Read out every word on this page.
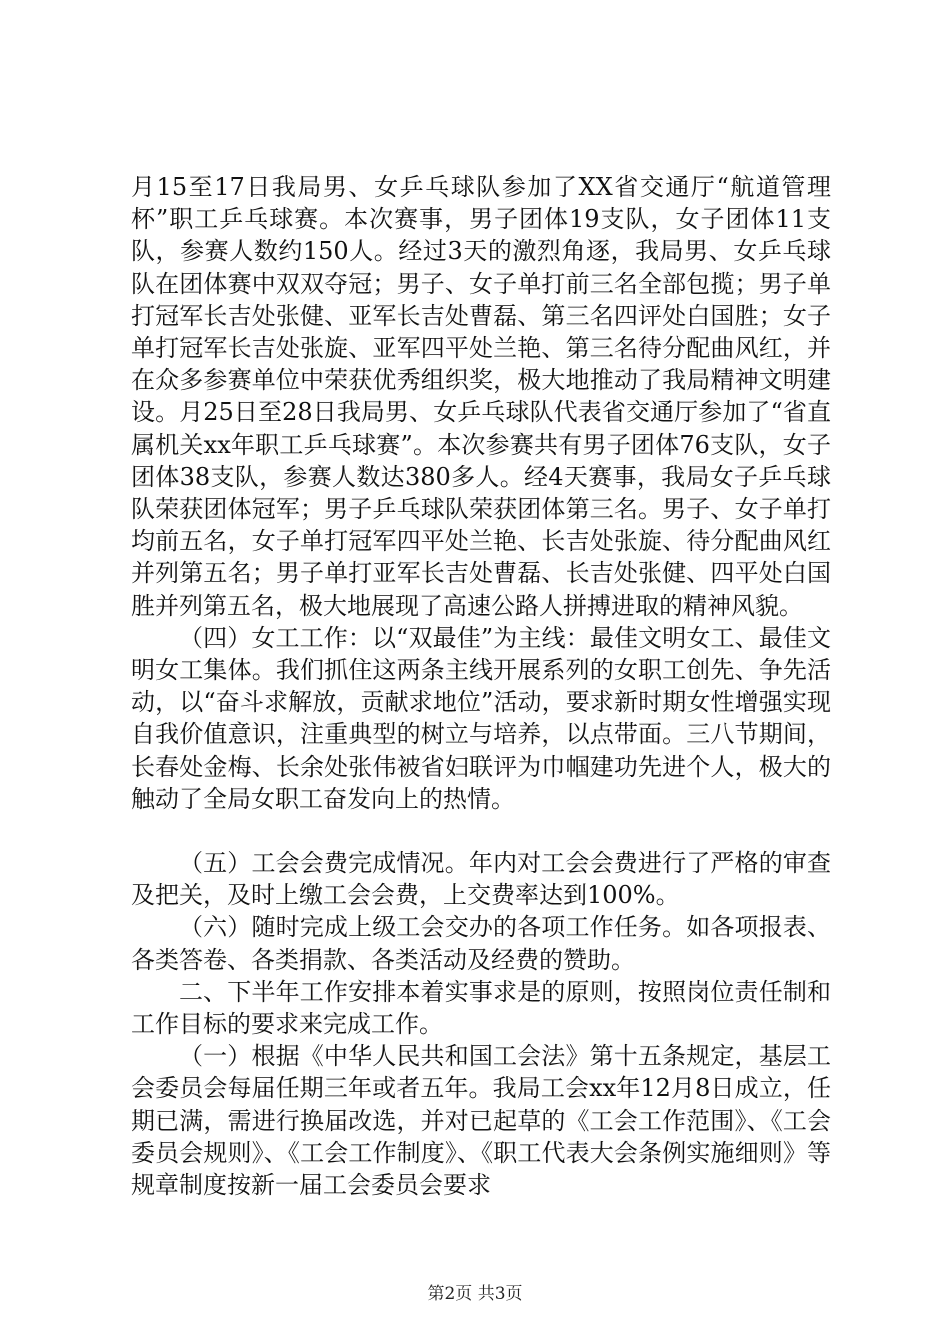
月15至17日我局男、女乒乓球队参加了XX省交通厅“航道管理杯”职工乒乓球赛。本次赛事，男子团体19支队，女子团体11支队，参赛人数约150人。经过3天的激烈角逐，我局男、女乒乓球队在团体赛中双双夺冠；男子、女子单打前三名全部包揽；男子单打冠军长吉处张健、亚军长吉处曹磊、第三名四评处白国胜；女子单打冠军长吉处张旋、亚军四平处兰艳、第三名待分配曲风红，并在众多参赛单位中荣获优秀组织奖，极大地推动了我局精神文明建设。月25日至28日我局男、女乒乓球队代表省交通厅参加了“省直属机关xx年职工乒乓球赛”。本次参赛共有男子团体76支队，女子团体38支队，参赛人数达380多人。经4天赛事，我局女子乒乓球队荣获团体冠军；男子乒乓球队荣获团体第三名。男子、女子单打均前五名，女子单打冠军四平处兰艳、长吉处张旋、待分配曲风红并列第五名；男子单打亚军长吉处曹磊、长吉处张健、四平处白国胜并列第五名，极大地展现了高速公路人拼搏进取的精神风貌。

（四）女工工作：以“双最佳”为主线：最佳文明女工、最佳文明女工集体。我们抓住这两条主线开展系列的女职工创先、争先活动，以“奋斗求解放，贡献求地位”活动，要求新时期女性增强实现自我价值意识，注重典型的树立与培养，以点带面。三八节期间，长春处金梅、长余处张伟被省妇联评为巾帼建功先进个人，极大的触动了全局女职工奋发向上的热情。

（五）工会会费完成情况。年内对工会会费进行了严格的审查及把关，及时上缴工会会费，上交费率达到100%。

（六）随时完成上级工会交办的各项工作任务。如各项报表、各类答卷、各类捐款、各类活动及经费的赞助。

二、下半年工作安排本着实事求是的原则，按照岗位责任制和工作目标的要求来完成工作。

（一）根据《中华人民共和国工会法》第十五条规定，基层工会委员会每届任期三年或者五年。我局工会xx年12月8日成立，任期已满，需进行换届改选，并对已起草的《工会工作范围》、《工会委员会规则》、《工会工作制度》、《职工代表大会条例实施细则》等规章制度按新一届工会委员会要求

第2页 共3页
